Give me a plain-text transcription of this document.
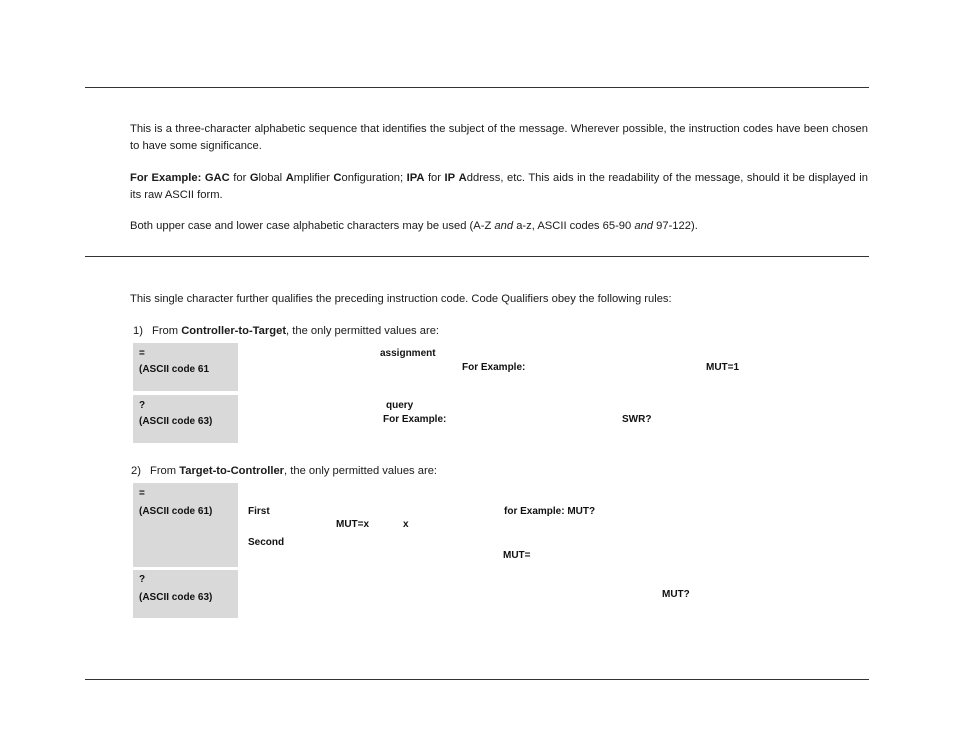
This is a three-character alphabetic sequence that identifies the subject of the message. Wherever possible, the instruction codes have been chosen to have some significance.

For Example: GAC for Global Amplifier Configuration; IPA for IP Address, etc. This aids in the readability of the message, should it be displayed in its raw ASCII form.

Both upper case and lower case alphabetic characters may be used (A-Z and a-z, ASCII codes 65-90 and 97-122).

This single character further qualifies the preceding instruction code. Code Qualifiers obey the following rules:

1) From Controller-to-Target, the only permitted values are:
=
(ASCII code 61
assignment
For Example:	MUT=1
?
(ASCII code 63)
query
For Example:	SWR?
2) From Target-to-Controller, the only permitted values are:
=
(ASCII code 61)	First	for Example: MUT?
MUT=x	x
Second
MUT=
?
(ASCII code 63)	MUT?
